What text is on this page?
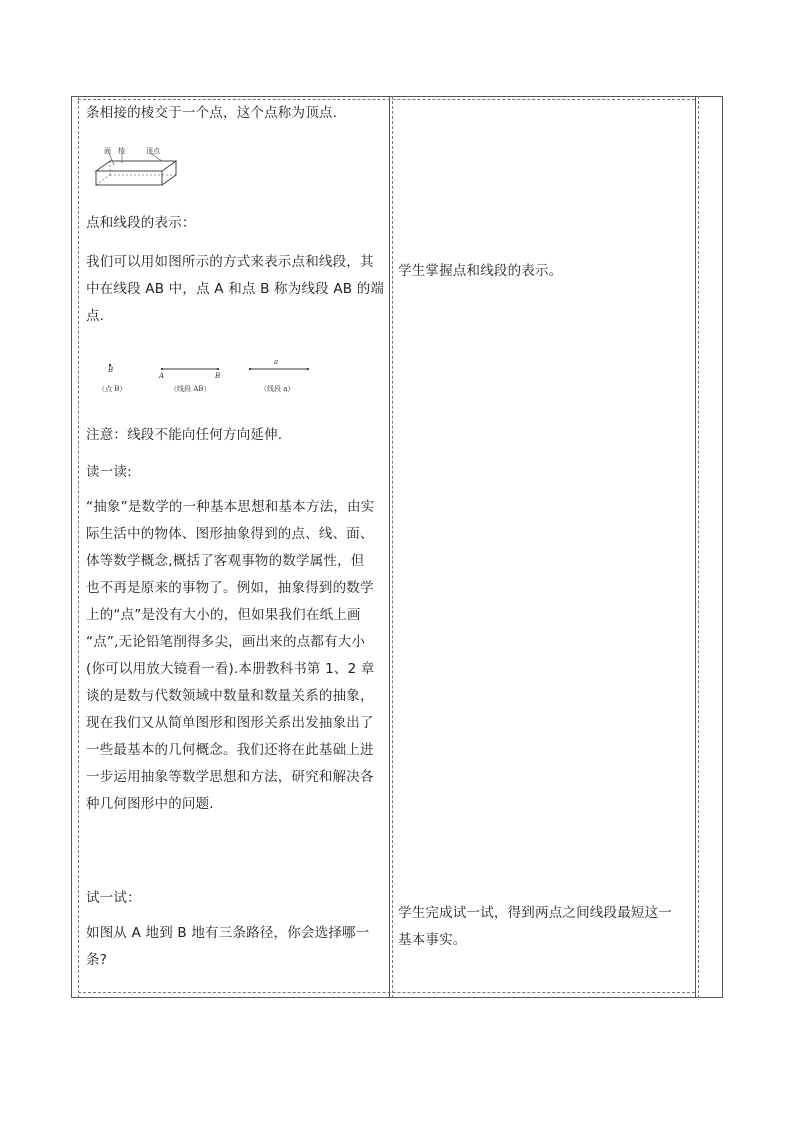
条相接的棱交于一个点，这个点称为顶点.
面 棱	顶点
点和线段的表示：
我们可以用如图所示的方式来表示点和线段，其
中在线段 AB 中，点 A 和点 B 称为线段 AB 的端
点.
B
（点 B）
A	B
（线段 AB）
a
（线段 a）
注意：线段不能向任何方向延伸.
读一读:
“抽象”是数学的一种基本思想和基本方法，由实
际生活中的物体、图形抽象得到的点、线、面、
体等数学概念,概括了客观事物的数学属性，但
也不再是原来的事物了。例如，抽象得到的数学
上的“点”是没有大小的，但如果我们在纸上画
“点”,无论铅笔削得多尖，画出来的点都有大小
(你可以用放大镜看一看).本册教科书第 1、2 章
谈的是数与代数领域中数量和数量关系的抽象，
现在我们又从简单图形和图形关系出发抽象出了
一些最基本的几何概念。我们还将在此基础上进
一步运用抽象等数学思想和方法，研究和解决各
种几何图形中的问题.
试一试：
如图从 A 地到 B 地有三条路径，你会选择哪一
条?
学生掌握点和线段的表示。
学生完成试一试，得到两点之间线段最短这一
基本事实。
